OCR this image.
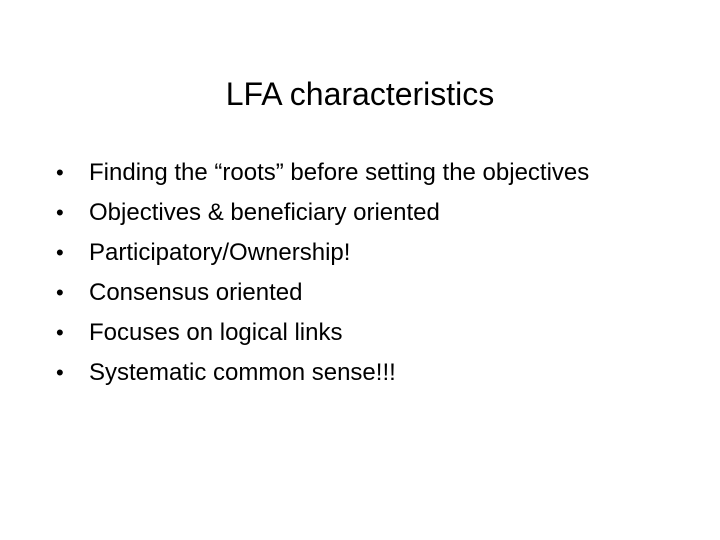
LFA characteristics
•	Finding the “roots” before setting the objectives
•	Objectives & beneficiary oriented
•	Participatory/Ownership!
•	Consensus oriented
•	Focuses on logical links
•	Systematic common sense!!!
